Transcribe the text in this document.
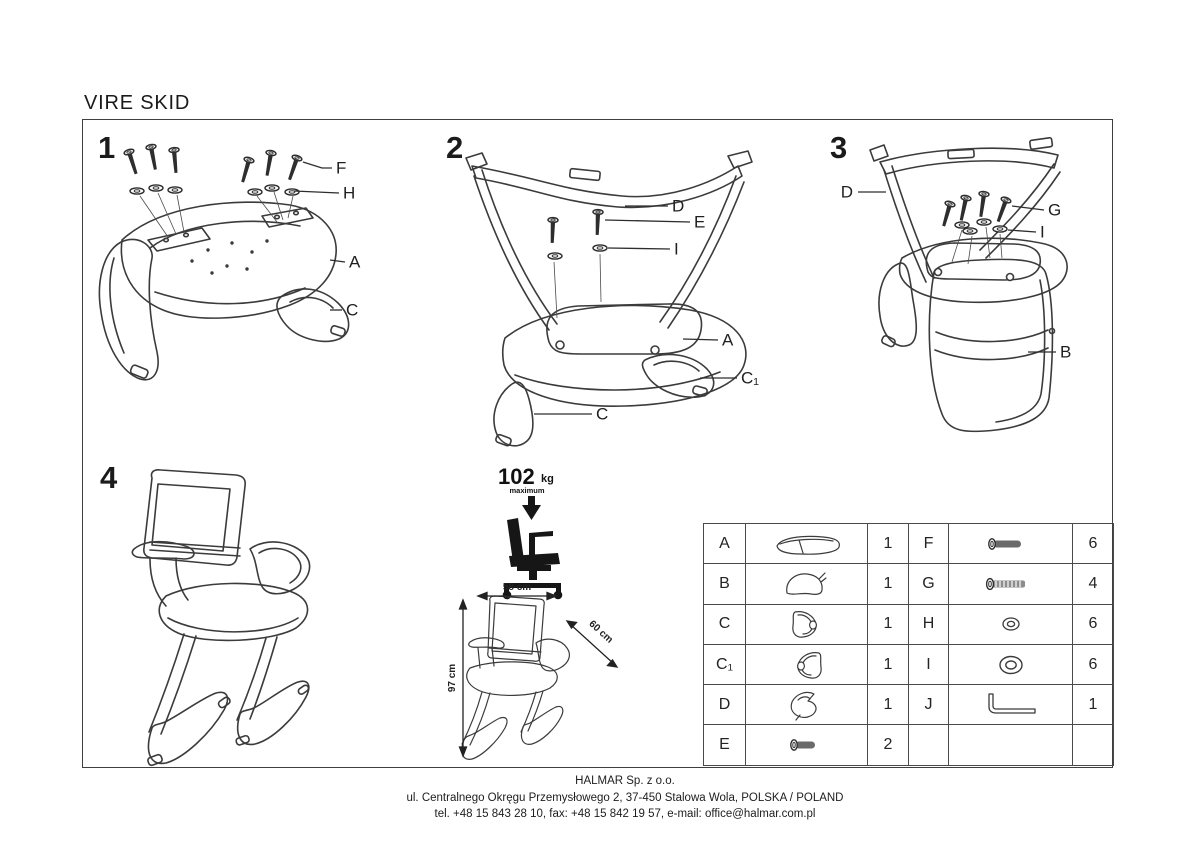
VIRE SKID
1	2	3
4
F
H
A
C
D
E
I
A
C₁
C
D
G
I
B
102 kg
maximum
58 cm
97 cm
60 cm
A		1	F		6
B		1	G		4
C		1	H		6
C₁		1	I		6
D		1	J		1
E		2			
HALMAR Sp. z o.o.
ul. Centralnego Okręgu Przemysłowego 2, 37-450 Stalowa Wola, POLSKA / POLAND
tel. +48 15 843 28 10, fax: +48 15 842 19 57, e-mail: office@halmar.com.pl
